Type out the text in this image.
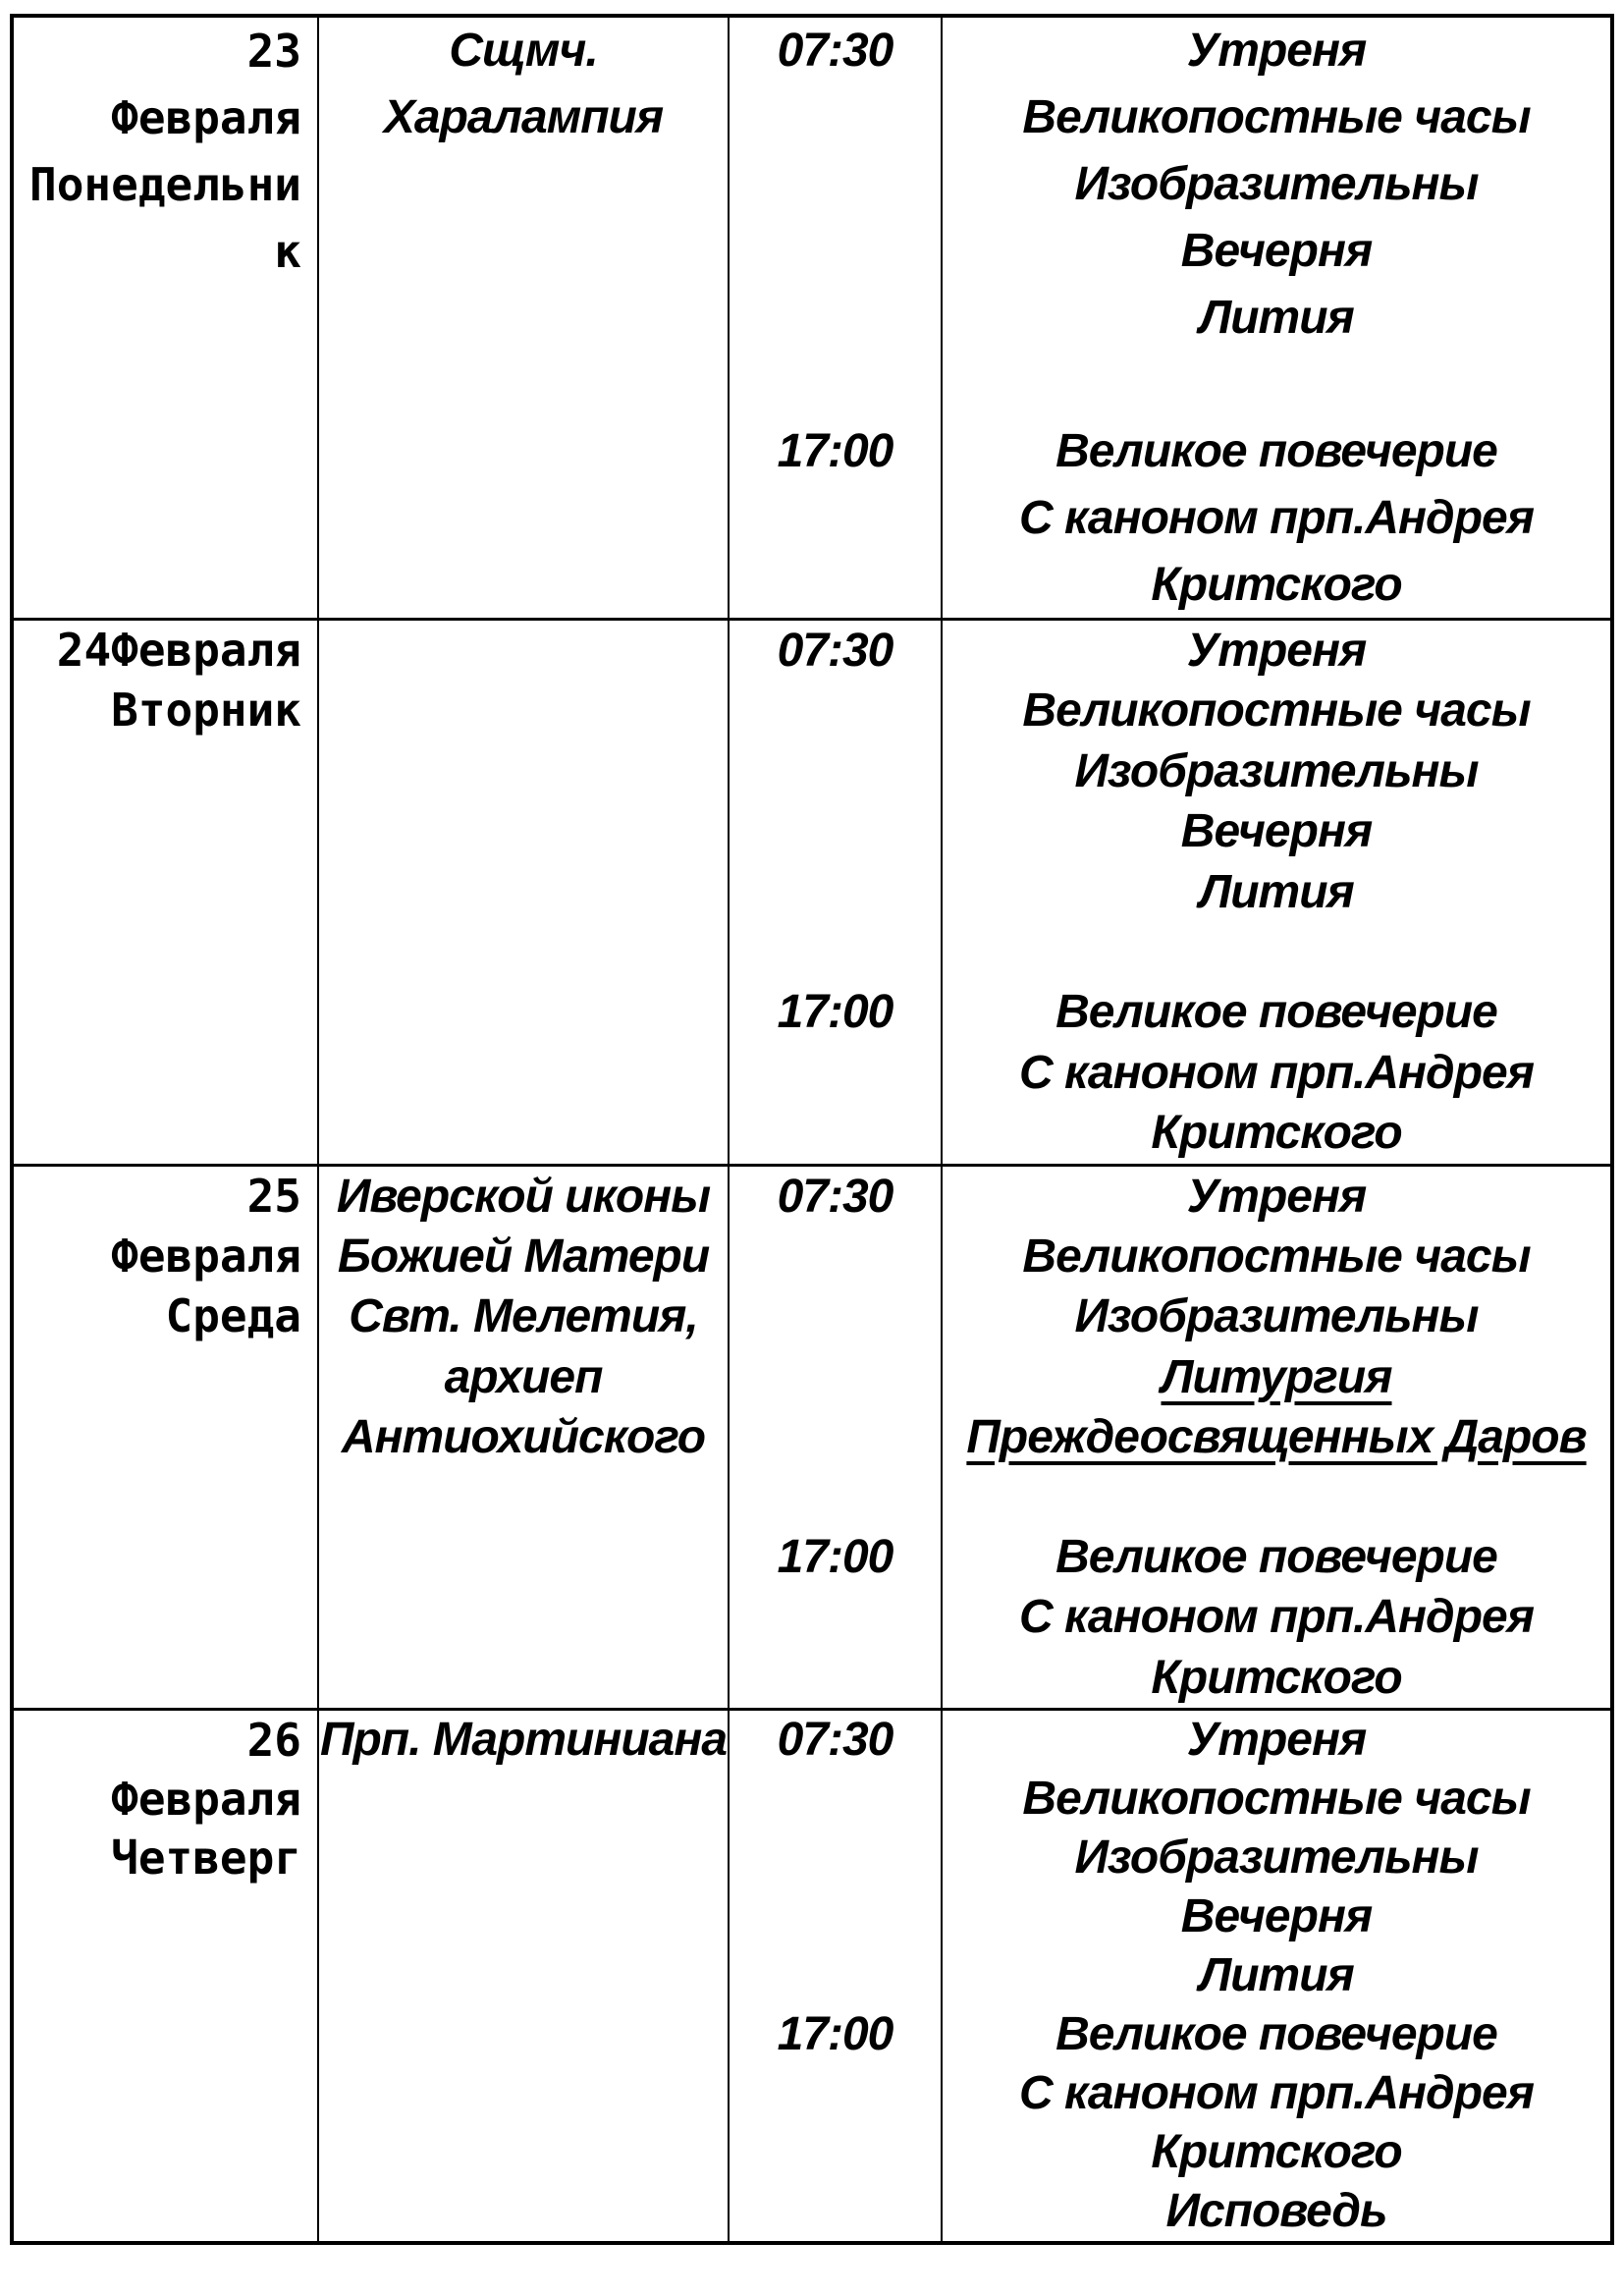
23
Февраля
Понедельни
к
Сщмч.
Харалампия
07:30
17:00
Утреня
Великопостные часы
Изобразительны
Вечерня
Лития
Великое повечерие
С каноном прп.Андрея
Критского
24Февраля
Вторник
07:30
17:00
Утреня
Великопостные часы
Изобразительны
Вечерня
Лития
Великое повечерие
С каноном прп.Андрея
Критского
25
Февраля
Среда
Иверской иконы
Божией Матери
Свт. Мелетия,
архиеп
Антиохийского
07:30
17:00
Утреня
Великопостные часы
Изобразительны
Литургия
Преждеосвященных Даров
Великое повечерие
С каноном прп.Андрея
Критского
26
Февраля
Четверг
Прп. Мартиниана	07:30
17:00
Утреня
Великопостные часы
Изобразительны
Вечерня
Лития
Великое повечерие
С каноном прп.Андрея
Критского
Исповедь
